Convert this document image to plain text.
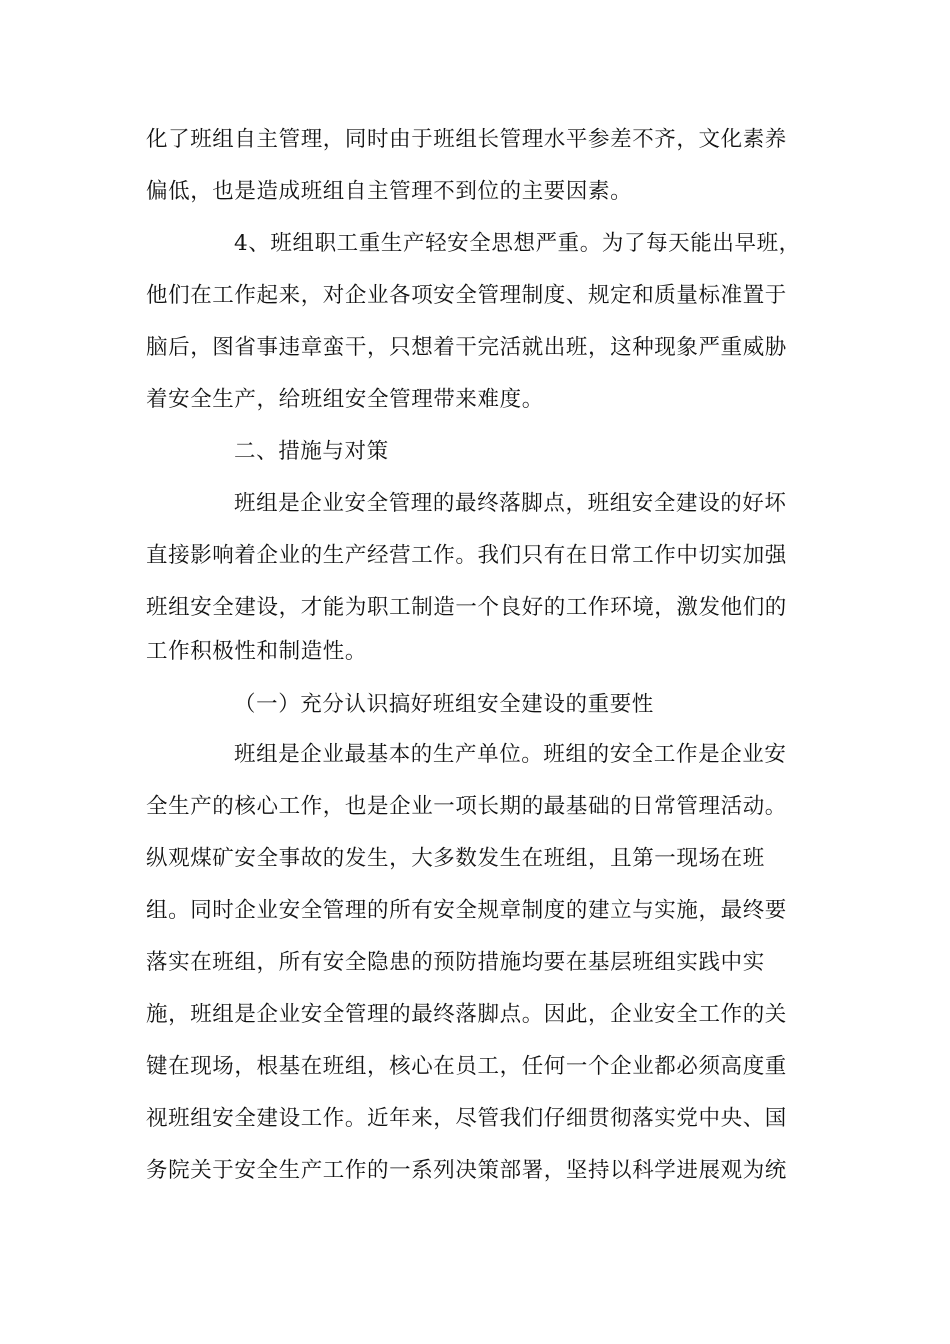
化了班组自主管理，同时由于班组长管理水平参差不齐，文化素养
偏低，也是造成班组自主管理不到位的主要因素。
4、班组职工重生产轻安全思想严重。为了每天能出早班，
他们在工作起来，对企业各项安全管理制度、规定和质量标准置于
脑后，图省事违章蛮干，只想着干完活就出班，这种现象严重威胁
着安全生产，给班组安全管理带来难度。
二、措施与对策
班组是企业安全管理的最终落脚点，班组安全建设的好坏
直接影响着企业的生产经营工作。我们只有在日常工作中切实加强
班组安全建设，才能为职工制造一个良好的工作环境，激发他们的
工作积极性和制造性。
（一）充分认识搞好班组安全建设的重要性
班组是企业最基本的生产单位。班组的安全工作是企业安
全生产的核心工作，也是企业一项长期的最基础的日常管理活动。
纵观煤矿安全事故的发生，大多数发生在班组，且第一现场在班
组。同时企业安全管理的所有安全规章制度的建立与实施，最终要
落实在班组，所有安全隐患的预防措施均要在基层班组实践中实
施，班组是企业安全管理的最终落脚点。因此，企业安全工作的关
键在现场，根基在班组，核心在员工，任何一个企业都必须高度重
视班组安全建设工作。近年来，尽管我们仔细贯彻落实党中央、国
务院关于安全生产工作的一系列决策部署，坚持以科学进展观为统
